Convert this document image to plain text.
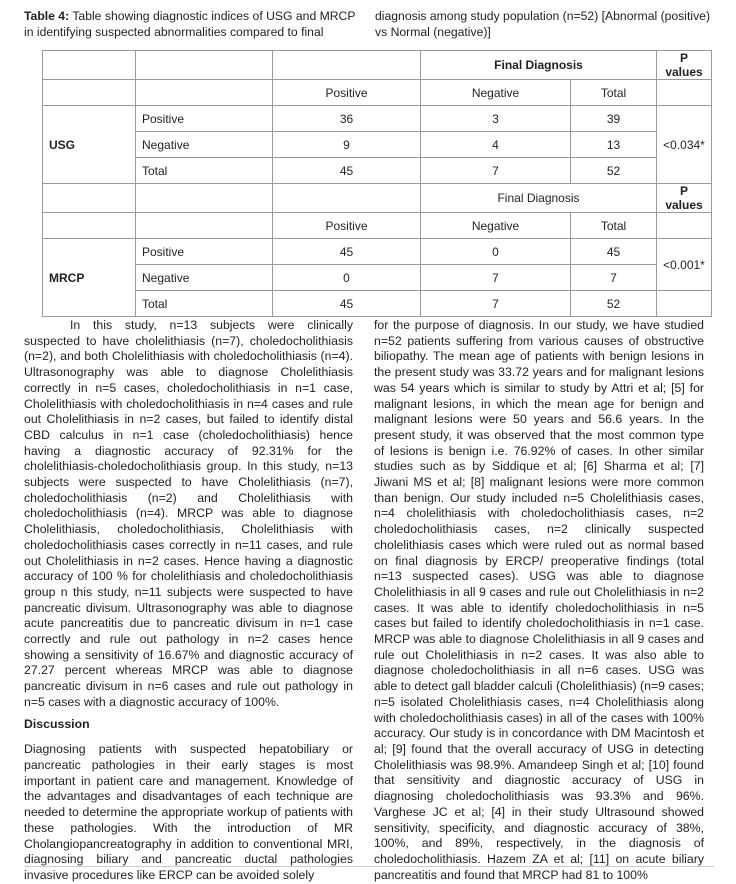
Table 4: Table showing diagnostic indices of USG and MRCP in identifying suspected abnormalities compared to final
diagnosis among study population (n=52) [Abnormal (positive) vs Normal (negative)]
			Final Diagnosis		P values
		Positive	Negative	Total	
USG	Positive	36	3	39	<0.034*
	Negative	9	4	13	
	Total	45	7	52	
			Final Diagnosis		P values
		Positive	Negative	Total	
MRCP	Positive	45	0	45	<0.001*
	Negative	0	7	7	
	Total	45	7	52	

In this study, n=13 subjects were clinically suspected to have cholelithiasis (n=7), choledocholithiasis (n=2), and both Cholelithiasis with choledocholithiasis (n=4). Ultrasonography was able to diagnose Cholelithiasis correctly in n=5 cases, choledocholithiasis in n=1 case, Cholelithiasis with choledocholithiasis in n=4 cases and rule out Cholelithiasis in n=2 cases, but failed to identify distal CBD calculus in n=1 case (choledocholithiasis) hence having a diagnostic accuracy of 92.31% for the cholelithiasis-choledocholithiasis group. In this study, n=13 subjects were suspected to have Cholelithiasis (n=7), choledocholithiasis (n=2) and Cholelithiasis with choledocholithiasis (n=4). MRCP was able to diagnose Cholelithiasis, choledocholithiasis, Cholelithiasis with choledocholithiasis cases correctly in n=11 cases, and rule out Cholelithiasis in n=2 cases. Hence having a diagnostic accuracy of 100 % for cholelithiasis and choledocholithiasis group n this study, n=11 subjects were suspected to have pancreatic divisum. Ultrasonography was able to diagnose acute pancreatitis due to pancreatic divisum in n=1 case correctly and rule out pathology in n=2 cases hence showing a sensitivity of 16.67% and diagnostic accuracy of 27.27 percent whereas MRCP was able to diagnose pancreatic divisum in n=6 cases and rule out pathology in n=5 cases with a diagnostic accuracy of 100%.

Discussion

Diagnosing patients with suspected hepatobiliary or pancreatic pathologies in their early stages is most important in patient care and management. Knowledge of the advantages and disadvantages of each technique are needed to determine the appropriate workup of patients with these pathologies. With the introduction of MR Cholangiopancreatography in addition to conventional MRI, diagnosing biliary and pancreatic ductal pathologies invasive procedures like ERCP can be avoided solely

for the purpose of diagnosis. In our study, we have studied n=52 patients suffering from various causes of obstructive biliopathy. The mean age of patients with benign lesions in the present study was 33.72 years and for malignant lesions was 54 years which is similar to study by Attri et al; [5] for malignant lesions, in which the mean age for benign and malignant lesions were 50 years and 56.6 years. In the present study, it was observed that the most common type of lesions is benign i.e. 76.92% of cases. In other similar studies such as by Siddique et al; [6] Sharma et al; [7] Jiwani MS et al; [8] malignant lesions were more common than benign. Our study included n=5 Cholelithiasis cases, n=4 cholelithiasis with choledocholithiasis cases, n=2 choledocholithiasis cases, n=2 clinically suspected cholelithiasis cases which were ruled out as normal based on final diagnosis by ERCP/ preoperative findings (total n=13 suspected cases). USG was able to diagnose Cholelithiasis in all 9 cases and rule out Cholelithiasis in n=2 cases. It was able to identify choledocholithiasis in n=5 cases but failed to identify choledocholithiasis in n=1 case. MRCP was able to diagnose Cholelithiasis in all 9 cases and rule out Cholelithiasis in n=2 cases. It was also able to diagnose choledocholithiasis in all n=6 cases. USG was able to detect gall bladder calculi (Cholelithiasis) (n=9 cases; n=5 isolated Cholelithiasis cases, n=4 Cholelithiasis along with choledocholithiasis cases) in all of the cases with 100% accuracy. Our study is in concordance with DM Macintosh et al; [9] found that the overall accuracy of USG in detecting Cholelithiasis was 98.9%. Amandeep Singh et al; [10] found that sensitivity and diagnostic accuracy of USG in diagnosing choledocholithiasis was 93.3% and 96%. Varghese JC et al; [4] in their study Ultrasound showed sensitivity, specificity, and diagnostic accuracy of 38%, 100%, and 89%, respectively, in the diagnosis of choledocholithiasis. Hazem ZA et al; [11] on acute biliary pancreatitis and found that MRCP had 81 to 100%
